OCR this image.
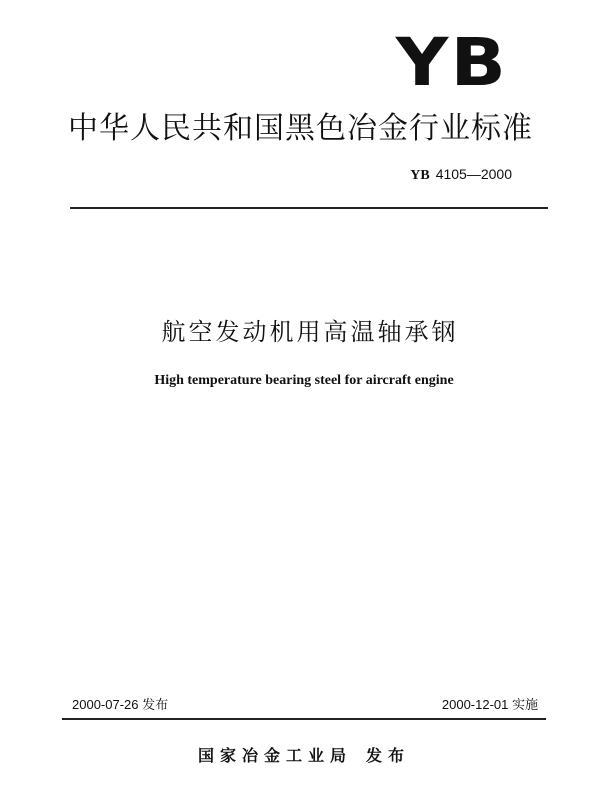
YB
中华人民共和国黑色冶金行业标准
YB 4105—2000
航空发动机用高温轴承钢
High temperature bearing steel for aircraft engine
2000-07-26 发布	2000-12-01 实施
国家冶金工业局 发布
